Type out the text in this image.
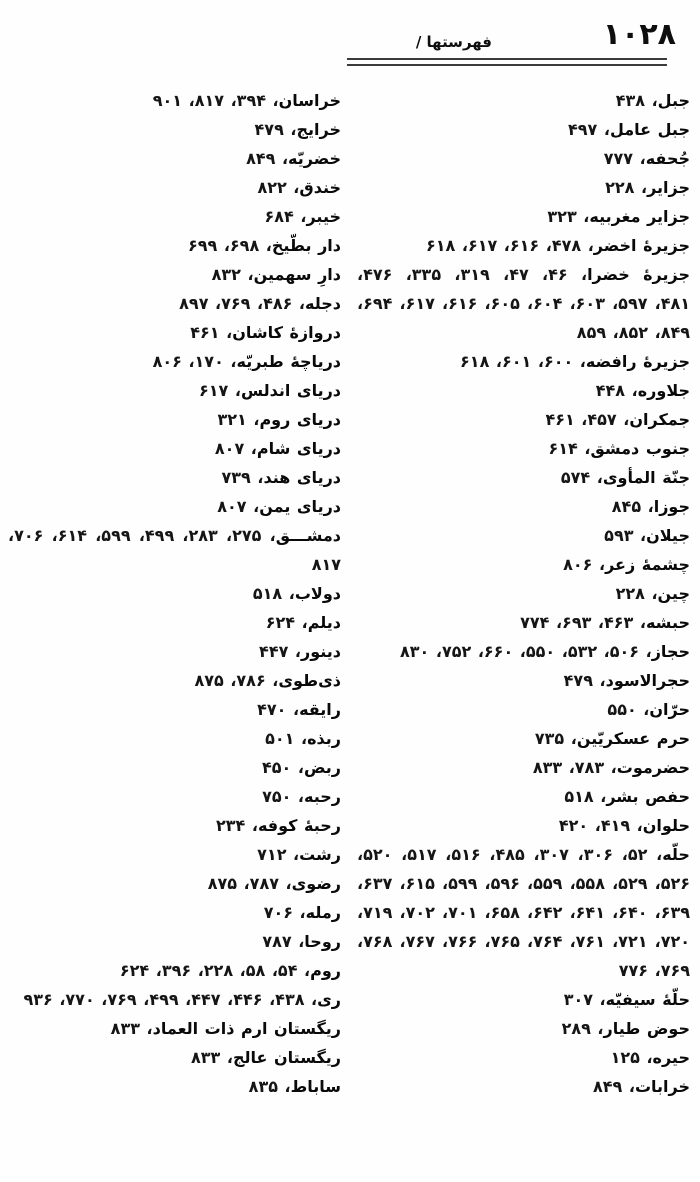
۱۰۲۸
فهرستها /
جبل، ۴۳۸
جبل عامل، ۴۹۷
جُحفه، ۷۷۷
جزایر، ۲۲۸
جزایر مغربیه، ۳۲۳
جزیرهٔ اخضر، ۴۷۸، ۶۱۶، ۶۱۷، ۶۱۸
جزیرهٔ خضرا، ۴۶، ۴۷، ۳۱۹، ۳۳۵، ۴۷۶، ۴۸۱، ۵۹۷، ۶۰۳، ۶۰۴، ۶۰۵، ۶۱۶، ۶۱۷، ۶۹۴، ۸۴۹، ۸۵۲، ۸۵۹
جزیرهٔ رافضه، ۶۰۰، ۶۰۱، ۶۱۸
جلاوره، ۴۴۸
جمکران، ۴۵۷، ۴۶۱
جنوب دمشق، ۶۱۴
جنّة المأوی، ۵۷۴
جوزا، ۸۴۵
جیلان، ۵۹۳
چشمهٔ زعر، ۸۰۶
چین، ۲۲۸
حبشه، ۴۶۳، ۶۹۳، ۷۷۴
حجاز، ۵۰۶، ۵۳۲، ۵۵۰، ۶۶۰، ۷۵۲، ۸۳۰
حجرالاسود، ۴۷۹
حرّان، ۵۵۰
حرم عسکریّین، ۷۳۵
حضرموت، ۷۸۳، ۸۳۳
حفص بشر، ۵۱۸
حلوان، ۴۱۹، ۴۲۰
حلّه، ۵۲، ۳۰۶، ۳۰۷، ۴۸۵، ۵۱۶، ۵۱۷، ۵۲۰، ۵۲۶، ۵۲۹، ۵۵۸، ۵۵۹، ۵۹۶، ۵۹۹، ۶۱۵، ۶۳۷، ۶۳۹، ۶۴۰، ۶۴۱، ۶۴۲، ۶۵۸، ۷۰۱، ۷۰۲، ۷۱۹، ۷۲۰، ۷۲۱، ۷۶۱، ۷۶۴، ۷۶۵، ۷۶۶، ۷۶۷، ۷۶۸، ۷۶۹، ۷۷۶
حلّهٔ سیفیّه، ۳۰۷
حوض طیار، ۲۸۹
حیره، ۱۲۵
خرابات، ۸۴۹
خراسان، ۳۹۴، ۸۱۷، ۹۰۱
خرایج، ۴۷۹
خضریّه، ۸۴۹
خندق، ۸۲۲
خیبر، ۶۸۴
دار بطّیخ، ۶۹۸، ۶۹۹
دارِ سهمین، ۸۳۲
دجله، ۴۸۶، ۷۶۹، ۸۹۷
دروازهٔ کاشان، ۴۶۱
دریاچهٔ طبریّه، ۱۷۰، ۸۰۶
دریای اندلس، ۶۱۷
دریای روم، ۳۲۱
دریای شام، ۸۰۷
دریای هند، ۷۳۹
دریای یمن، ۸۰۷
دمشـــق، ۲۷۵، ۲۸۳، ۴۹۹، ۵۹۹، ۶۱۴، ۷۰۶، ۸۱۷
دولاب، ۵۱۸
دیلم، ۶۲۴
دینور، ۴۴۷
ذی‌طوی، ۷۸۶، ۸۷۵
رایقه، ۴۷۰
ربذه، ۵۰۱
ربض، ۴۵۰
رحبه، ۷۵۰
رحبهٔ کوفه، ۲۳۴
رشت، ۷۱۲
رضوی، ۷۸۷، ۸۷۵
رمله، ۷۰۶
روحا، ۷۸۷
روم، ۵۴، ۵۸، ۲۲۸، ۳۹۶، ۶۲۴
ری، ۴۳۸، ۴۴۶، ۴۴۷، ۴۹۹، ۷۶۹، ۷۷۰، ۹۳۶
ریگستان ارم ذات العماد، ۸۳۳
ریگستان عالج، ۸۳۳
ساباط، ۸۳۵
